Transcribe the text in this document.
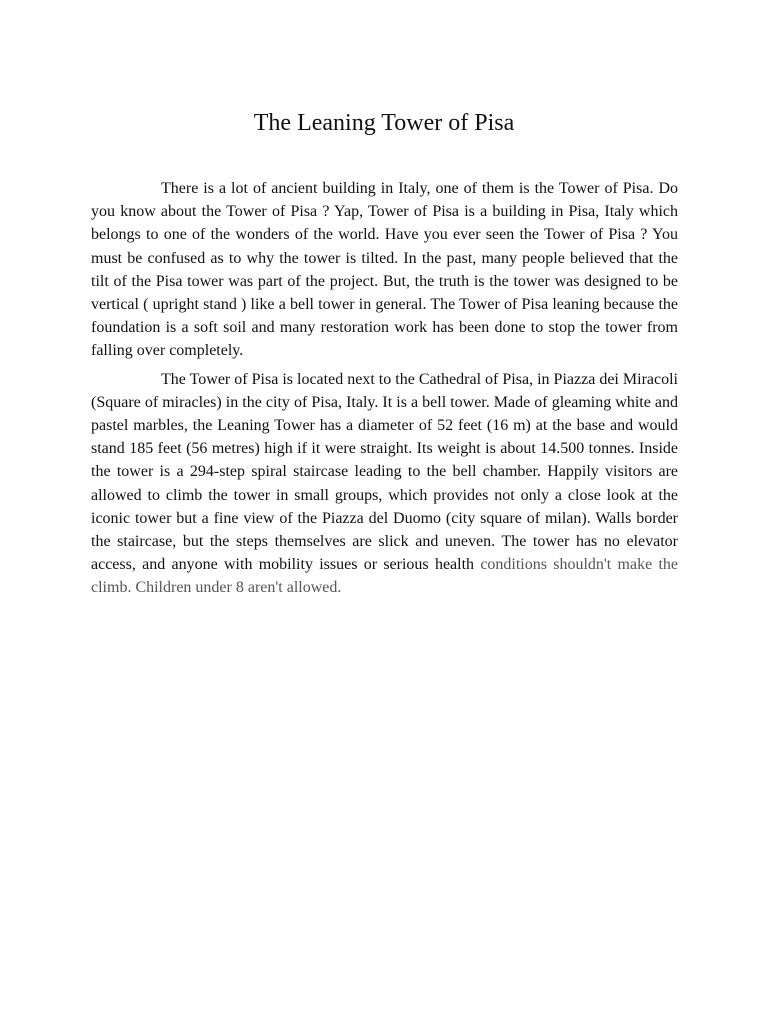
The Leaning Tower of Pisa

There is a lot of ancient building in Italy, one of them is the Tower of Pisa. Do you know about the Tower of Pisa ? Yap, Tower of Pisa is a building in Pisa, Italy which belongs to one of the wonders of the world. Have you ever seen the Tower of Pisa ? You must be confused as to why the tower is tilted. In the past, many people believed that the tilt of the Pisa tower was part of the project. But, the truth is the tower was designed to be vertical ( upright stand ) like a bell tower in general. The Tower of Pisa leaning because the foundation is a soft soil and many restoration work has been done to stop the tower from falling over completely.

The Tower of Pisa is located next to the Cathedral of Pisa, in Piazza dei Miracoli (Square of miracles) in the city of Pisa, Italy. It is a bell tower. Made of gleaming white and pastel marbles, the Leaning Tower has a diameter of 52 feet (16 m) at the base and would stand 185 feet (56 metres) high if it were straight. Its weight is about 14.500 tonnes. Inside the tower is a 294-step spiral staircase leading to the bell chamber. Happily visitors are allowed to climb the tower in small groups, which provides not only a close look at the iconic tower but a fine view of the Piazza del Duomo (city square of milan). Walls border the staircase, but the steps themselves are slick and uneven. The tower has no elevator access, and anyone with mobility issues or serious health conditions shouldn't make the climb. Children under 8 aren't allowed.
